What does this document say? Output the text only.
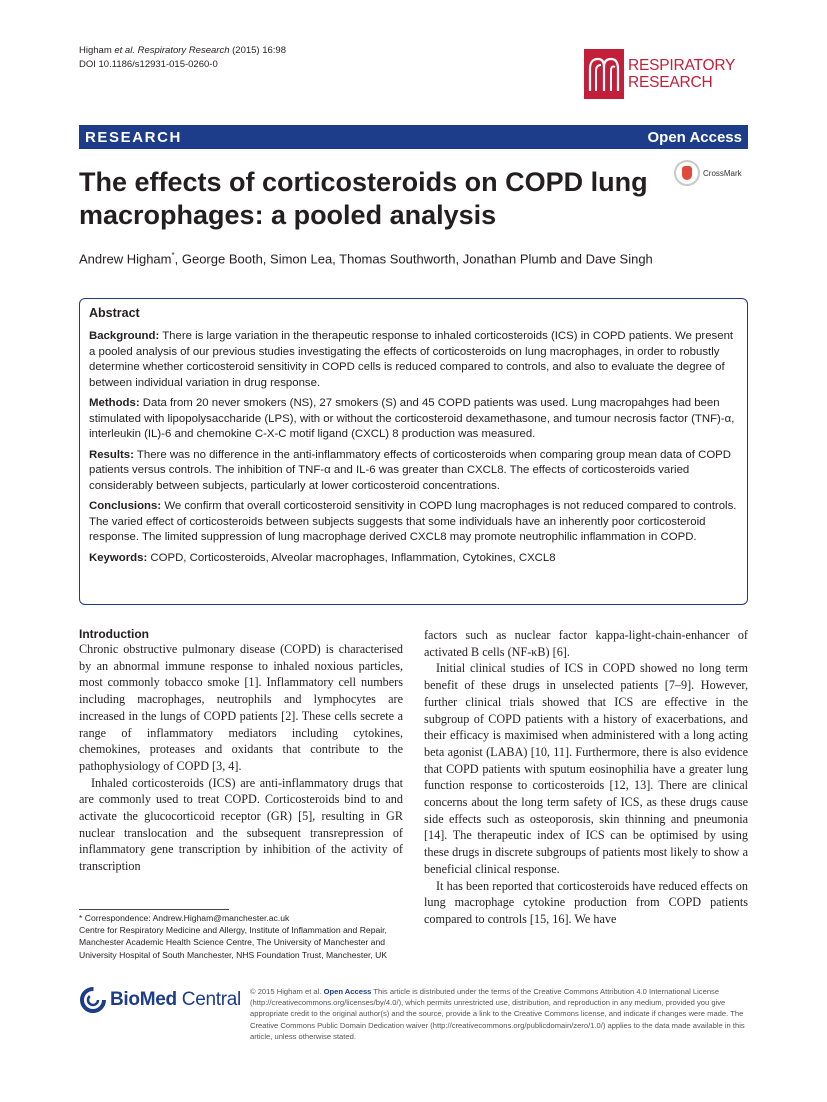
Higham et al. Respiratory Research (2015) 16:98
DOI 10.1186/s12931-015-0260-0	RESPIRATORY
RESEARCH
RESEARCH	Open Access
CrossMark
The effects of corticosteroids on COPD lung macrophages: a pooled analysis
Andrew Higham*, George Booth, Simon Lea, Thomas Southworth, Jonathan Plumb and Dave Singh
Abstract

Background: There is large variation in the therapeutic response to inhaled corticosteroids (ICS) in COPD patients. We present a pooled analysis of our previous studies investigating the effects of corticosteroids on lung macrophages, in order to robustly determine whether corticosteroid sensitivity in COPD cells is reduced compared to controls, and also to evaluate the degree of between individual variation in drug response.

Methods: Data from 20 never smokers (NS), 27 smokers (S) and 45 COPD patients was used. Lung macropahges had been stimulated with lipopolysaccharide (LPS), with or without the corticosteroid dexamethasone, and tumour necrosis factor (TNF)-α, interleukin (IL)-6 and chemokine C-X-C motif ligand (CXCL) 8 production was measured.

Results: There was no difference in the anti-inflammatory effects of corticosteroids when comparing group mean data of COPD patients versus controls. The inhibition of TNF-α and IL-6 was greater than CXCL8. The effects of corticosteroids varied considerably between subjects, particularly at lower corticosteroid concentrations.

Conclusions: We confirm that overall corticosteroid sensitivity in COPD lung macrophages is not reduced compared to controls. The varied effect of corticosteroids between subjects suggests that some individuals have an inherently poor corticosteroid response. The limited suppression of lung macrophage derived CXCL8 may promote neutrophilic inflammation in COPD.

Keywords: COPD, Corticosteroids, Alveolar macrophages, Inflammation, Cytokines, CXCL8

Introduction

Chronic obstructive pulmonary disease (COPD) is characterised by an abnormal immune response to inhaled noxious particles, most commonly tobacco smoke [1]. Inflammatory cell numbers including macrophages, neutrophils and lymphocytes are increased in the lungs of COPD patients [2]. These cells secrete a range of inflammatory mediators including cytokines, chemokines, proteases and oxidants that contribute to the pathophysiology of COPD [3, 4].

Inhaled corticosteroids (ICS) are anti-inflammatory drugs that are commonly used to treat COPD. Corticosteroids bind to and activate the glucocorticoid receptor (GR) [5], resulting in GR nuclear translocation and the subsequent transrepression of inflammatory gene transcription by inhibition of the activity of transcription

factors such as nuclear factor kappa-light-chain-enhancer of activated B cells (NF-κB) [6].

Initial clinical studies of ICS in COPD showed no long term benefit of these drugs in unselected patients [7–9]. However, further clinical trials showed that ICS are effective in the subgroup of COPD patients with a history of exacerbations, and their efficacy is maximised when administered with a long acting beta agonist (LABA) [10, 11]. Furthermore, there is also evidence that COPD patients with sputum eosinophilia have a greater lung function response to corticosteroids [12, 13]. There are clinical concerns about the long term safety of ICS, as these drugs cause side effects such as osteoporosis, skin thinning and pneumonia [14]. The therapeutic index of ICS can be optimised by using these drugs in discrete subgroups of patients most likely to show a beneficial clinical response.

It has been reported that corticosteroids have reduced effects on lung macrophage cytokine production from COPD patients compared to controls [15, 16]. We have

* Correspondence: Andrew.Higham@manchester.ac.uk
Centre for Respiratory Medicine and Allergy, Institute of Inflammation and Repair, Manchester Academic Health Science Centre, The University of Manchester and University Hospital of South Manchester, NHS Foundation Trust, Manchester, UK
BioMed Central © 2015 Higham et al. Open Access This article is distributed under the terms of the Creative Commons Attribution 4.0 International License (http://creativecommons.org/licenses/by/4.0/), which permits unrestricted use, distribution, and reproduction in any medium, provided you give appropriate credit to the original author(s) and the source, provide a link to the Creative Commons license, and indicate if changes were made. The Creative Commons Public Domain Dedication waiver (http://creativecommons.org/publicdomain/zero/1.0/) applies to the data made available in this article, unless otherwise stated.
